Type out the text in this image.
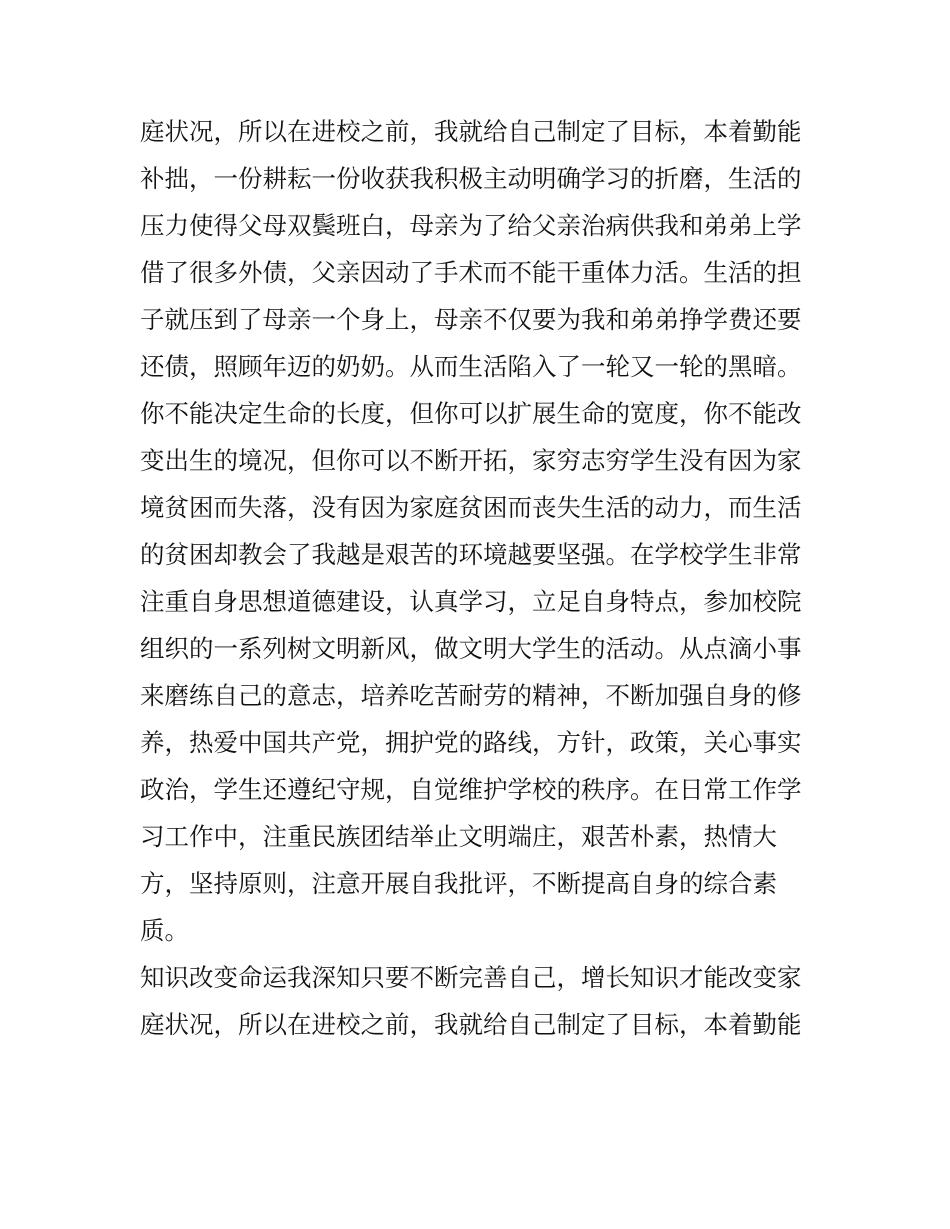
庭状况，所以在进校之前，我就给自己制定了目标，本着勤能
补拙，一份耕耘一份收获我积极主动明确学习的折磨，生活的
压力使得父母双鬓班白，母亲为了给父亲治病供我和弟弟上学
借了很多外债，父亲因动了手术而不能干重体力活。生活的担
子就压到了母亲一个身上，母亲不仅要为我和弟弟挣学费还要
还债，照顾年迈的奶奶。从而生活陷入了一轮又一轮的黑暗。
你不能决定生命的长度，但你可以扩展生命的宽度，你不能改
变出生的境况，但你可以不断开拓，家穷志穷学生没有因为家
境贫困而失落，没有因为家庭贫困而丧失生活的动力，而生活
的贫困却教会了我越是艰苦的环境越要坚强。在学校学生非常
注重自身思想道德建设，认真学习，立足自身特点，参加校院
组织的一系列树文明新风，做文明大学生的活动。从点滴小事
来磨练自己的意志，培养吃苦耐劳的精神，不断加强自身的修
养，热爱中国共产党，拥护党的路线，方针，政策，关心事实
政治，学生还遵纪守规，自觉维护学校的秩序。在日常工作学
习工作中，注重民族团结举止文明端庄，艰苦朴素，热情大
方，坚持原则，注意开展自我批评，不断提高自身的综合素
质。
知识改变命运我深知只要不断完善自己，增长知识才能改变家
庭状况，所以在进校之前，我就给自己制定了目标，本着勤能
